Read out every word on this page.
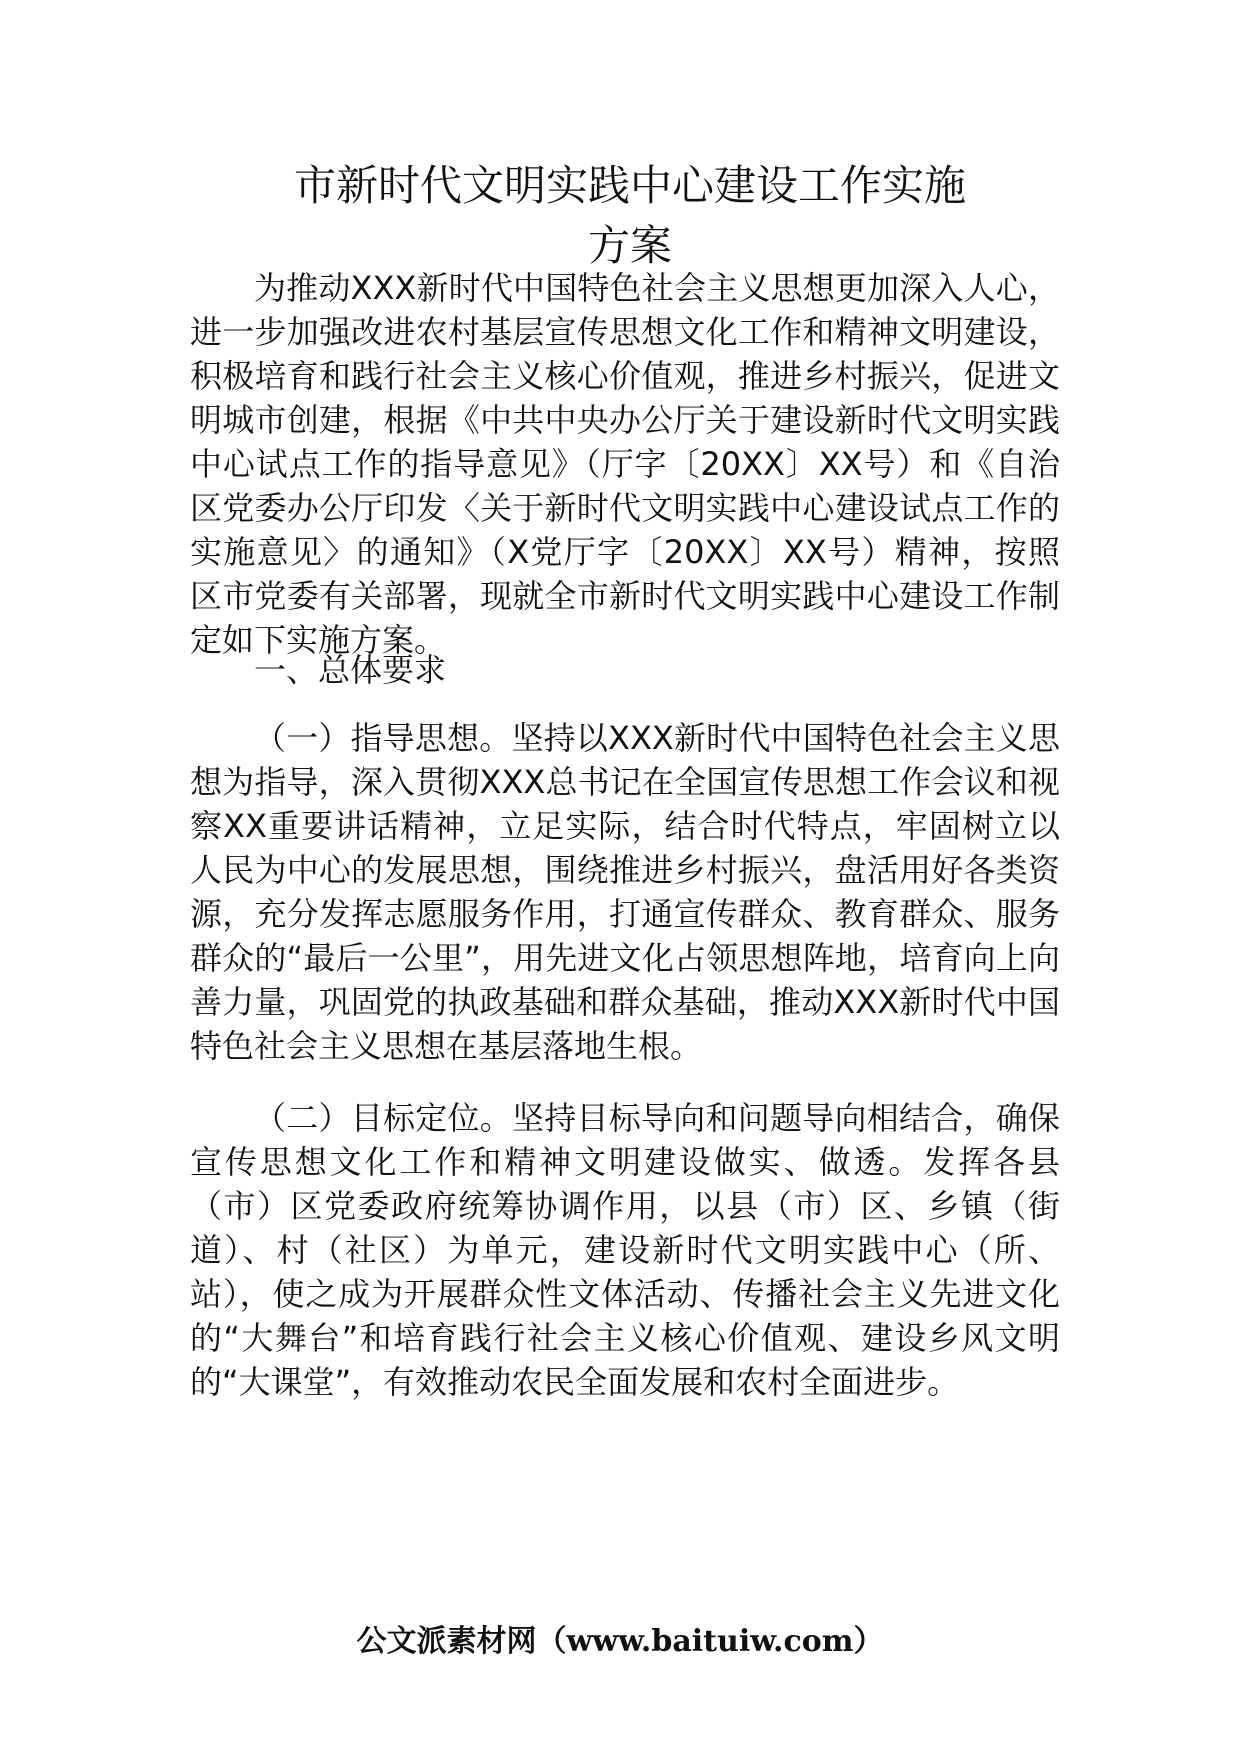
市新时代文明实践中心建设工作实施
方案

为推动XXX新时代中国特色社会主义思想更加深入人心，进一步加强改进农村基层宣传思想文化工作和精神文明建设，积极培育和践行社会主义核心价值观，推进乡村振兴，促进文明城市创建，根据《中共中央办公厅关于建设新时代文明实践中心试点工作的指导意见》（厅字〔20XX〕XX号）和《自治区党委办公厅印发〈关于新时代文明实践中心建设试点工作的实施意见〉的通知》（X党厅字〔20XX〕XX号）精神，按照区市党委有关部署，现就全市新时代文明实践中心建设工作制定如下实施方案。

一、总体要求

（一）指导思想。坚持以XXX新时代中国特色社会主义思想为指导，深入贯彻XXX总书记在全国宣传思想工作会议和视察XX重要讲话精神，立足实际，结合时代特点，牢固树立以人民为中心的发展思想，围绕推进乡村振兴，盘活用好各类资源，充分发挥志愿服务作用，打通宣传群众、教育群众、服务群众的“最后一公里”，用先进文化占领思想阵地，培育向上向善力量，巩固党的执政基础和群众基础，推动XXX新时代中国特色社会主义思想在基层落地生根。

（二）目标定位。坚持目标导向和问题导向相结合，确保宣传思想文化工作和精神文明建设做实、做透。发挥各县（市）区党委政府统筹协调作用，以县（市）区、乡镇（街道）、村（社区）为单元，建设新时代文明实践中心（所、站），使之成为开展群众性文体活动、传播社会主义先进文化的“大舞台”和培育践行社会主义核心价值观、建设乡风文明的“大课堂”，有效推动农民全面发展和农村全面进步。

公文派素材网（www.baituiw.com）
